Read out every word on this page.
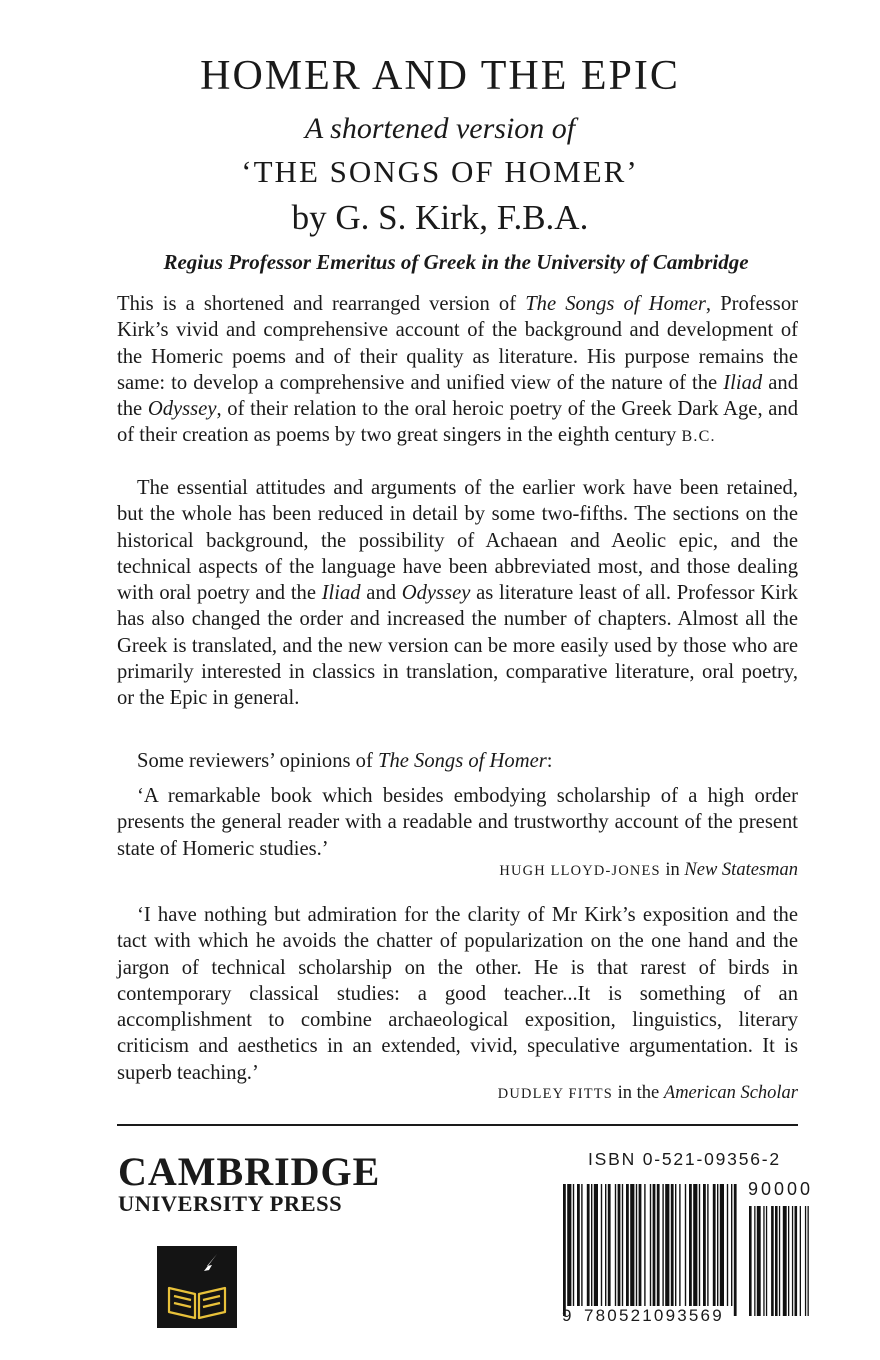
HOMER AND THE EPIC
A shortened version of
‘THE SONGS OF HOMER’
by G. S. Kirk, F.B.A.
Regius Professor Emeritus of Greek in the University of Cambridge

This is a shortened and rearranged version of The Songs of Homer, Professor Kirk’s vivid and comprehensive account of the background and development of the Homeric poems and of their quality as literature. His purpose remains the same: to develop a comprehensive and unified view of the nature of the Iliad and the Odyssey, of their relation to the oral heroic poetry of the Greek Dark Age, and of their creation as poems by two great singers in the eighth century B.C.

The essential attitudes and arguments of the earlier work have been retained, but the whole has been reduced in detail by some two-fifths. The sections on the historical background, the possibility of Achaean and Aeolic epic, and the technical aspects of the language have been abbreviated most, and those dealing with oral poetry and the Iliad and Odyssey as literature least of all. Professor Kirk has also changed the order and increased the number of chapters. Almost all the Greek is translated, and the new version can be more easily used by those who are primarily interested in classics in translation, comparative literature, oral poetry, or the Epic in general.

Some reviewers’ opinions of The Songs of Homer:

‘A remarkable book which besides embodying scholarship of a high order presents the general reader with a readable and trustworthy account of the present state of Homeric studies.’

HUGH LLOYD-JONES in New Statesman

‘I have nothing but admiration for the clarity of Mr Kirk’s exposition and the tact with which he avoids the chatter of popularization on the one hand and the jargon of technical scholarship on the other. He is that rarest of birds in contemporary classical studies: a good teacher...It is something of an accomplishment to combine archaeological exposition, linguistics, literary criticism and aesthetics in an extended, vivid, speculative argumentation. It is superb teaching.’

DUDLEY FITTS in the American Scholar
CAMBRIDGE
UNIVERSITY PRESS
ISBN 0-521-09356-2
90000
9 780521093569
